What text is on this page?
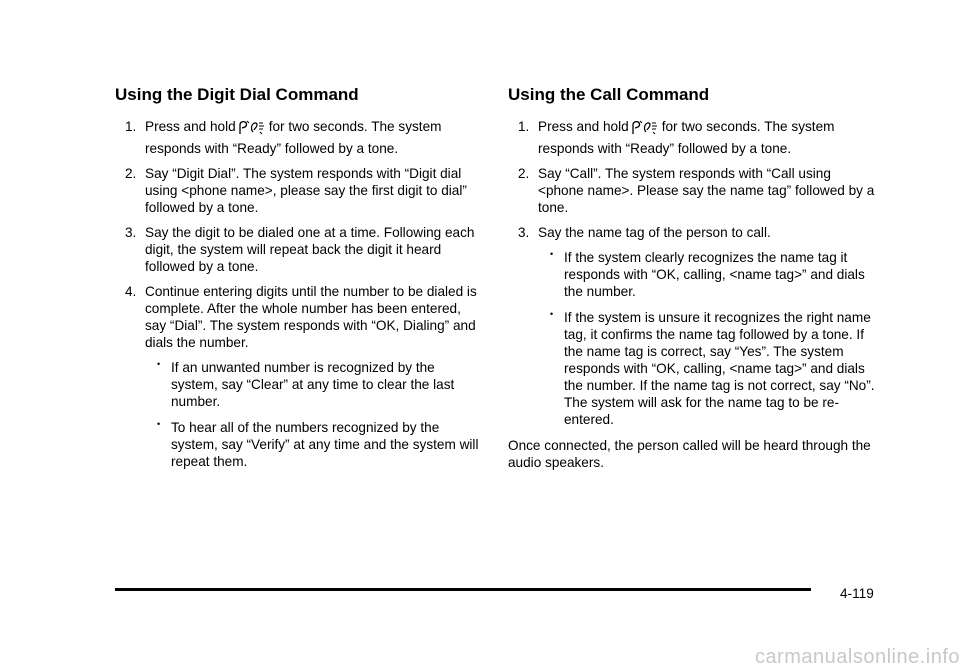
Using the Digit Dial Command
1. Press and hold for two seconds. The system
responds with “Ready” followed by a tone.
2. Say “Digit Dial”. The system responds with “Digit dial using <phone name>, please say the first digit to dial” followed by a tone.
3. Say the digit to be dialed one at a time. Following each digit, the system will repeat back the digit it heard followed by a tone.
4. Continue entering digits until the number to be dialed is complete. After the whole number has been entered, say “Dial”. The system responds with “OK, Dialing” and dials the number.
• If an unwanted number is recognized by the system, say “Clear” at any time to clear the last number.
• To hear all of the numbers recognized by the system, say “Verify” at any time and the system will repeat them.
Using the Call Command
1. Press and hold for two seconds. The system
responds with “Ready” followed by a tone.
2. Say “Call”. The system responds with “Call using <phone name>. Please say the name tag” followed by a tone.
3. Say the name tag of the person to call.
• If the system clearly recognizes the name tag it responds with “OK, calling, <name tag>” and dials the number.
• If the system is unsure it recognizes the right name tag, it confirms the name tag followed by a tone. If the name tag is correct, say “Yes”. The system responds with “OK, calling, <name tag>” and dials the number. If the name tag is not correct, say “No”. The system will ask for the name tag to be re-entered.
Once connected, the person called will be heard through the audio speakers.
4-119
carmanualsonline.info
